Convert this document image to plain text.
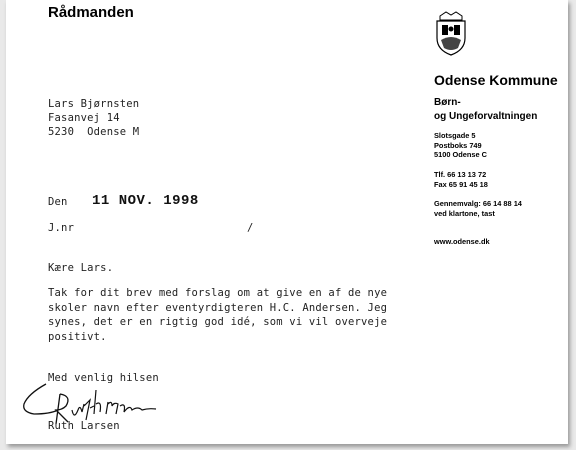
Rådmanden
Odense Kommune
Børn-
og Ungeforvaltningen
Slotsgade 5
Postboks 749
5100 Odense C
Tlf. 66 13 13 72
Fax 65 91 45 18
Gennemvalg: 66 14 88 14
ved klartone, tast
www.odense.dk
Lars Bjørnsten
Fasanvej 14
5230  Odense M
Den 11 NOV. 1998
J.nr	/
Kære Lars.
Tak for dit brev med forslag om at give en af de nye
skoler navn efter eventyrdigteren H.C. Andersen. Jeg
synes, det er en rigtig god idé, som vi vil overveje
positivt.
Med venlig hilsen
Ruth Larsen
